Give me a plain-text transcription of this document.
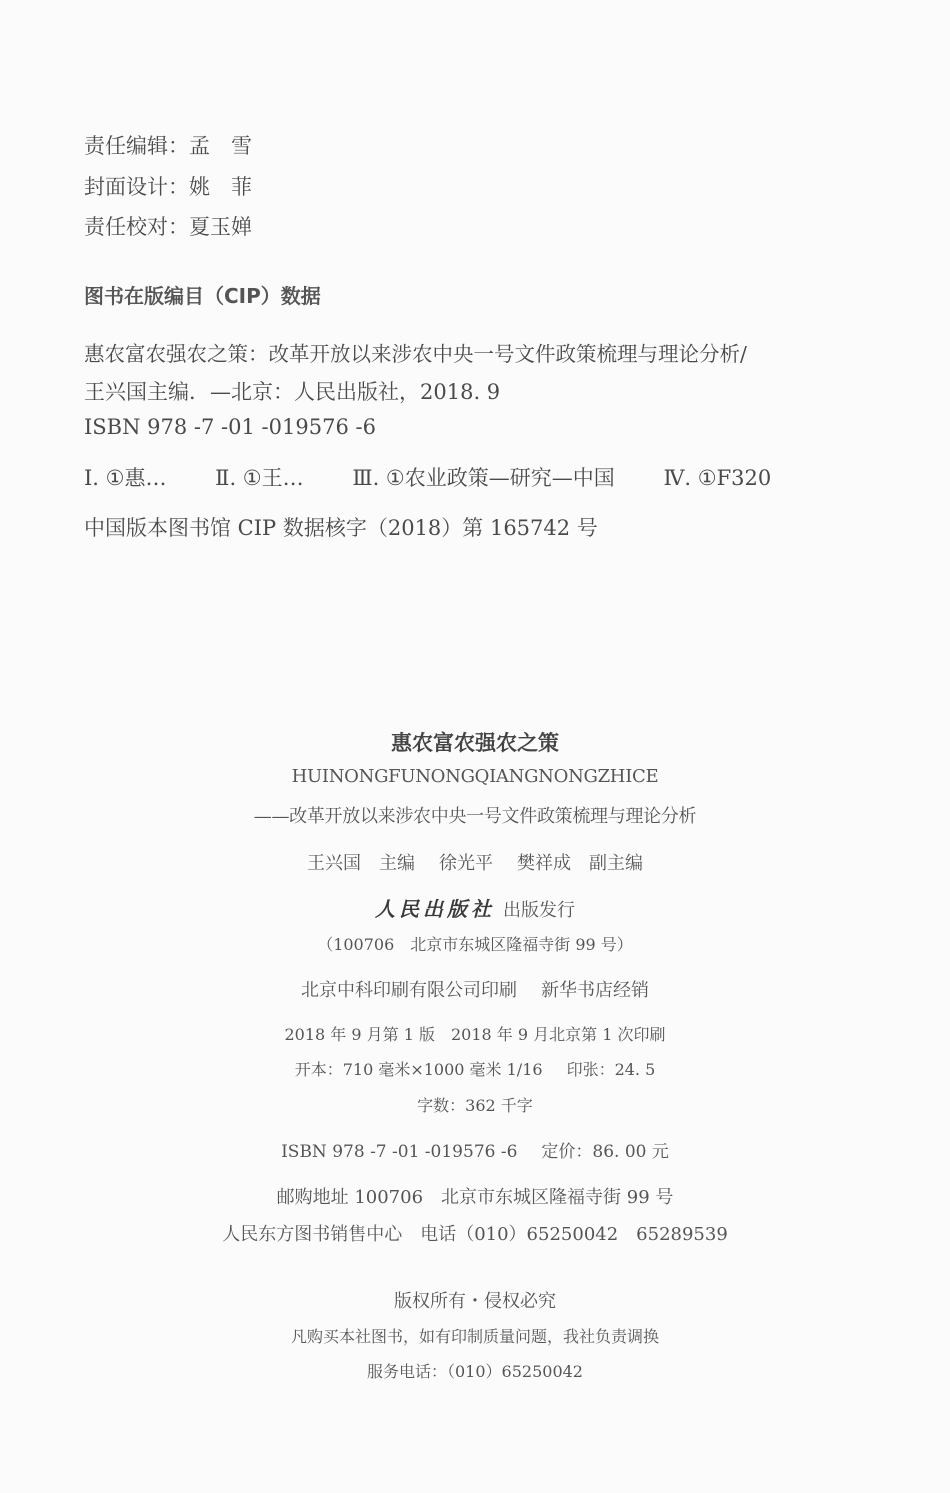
责任编辑：孟　雪
封面设计：姚　菲
责任校对：夏玉婵
图书在版编目（CIP）数据
惠农富农强农之策：改革开放以来涉农中央一号文件政策梳理与理论分析/
王兴国主编．—北京：人民出版社，2018. 9
ISBN 978 -7 -01 -019576 -6
Ⅰ. ①惠… Ⅱ. ①王… Ⅲ. ①农业政策—研究—中国 Ⅳ. ①F320
中国版本图书馆 CIP 数据核字（2018）第 165742 号
惠农富农强农之策
HUINONGFUNONGQIANGNONGZHICE
——改革开放以来涉农中央一号文件政策梳理与理论分析
王兴国　主编 徐光平 樊祥成　副主编
人民出版社 出版发行
（100706　北京市东城区隆福寺街 99 号）
北京中科印刷有限公司印刷 新华书店经销
2018 年 9 月第 1 版　2018 年 9 月北京第 1 次印刷
开本：710 毫米×1000 毫米 1/16 印张：24. 5
字数：362 千字
ISBN 978 -7 -01 -019576 -6 定价：86. 00 元
邮购地址 100706　北京市东城区隆福寺街 99 号
人民东方图书销售中心　电话（010）65250042　65289539
版权所有・侵权必究
凡购买本社图书，如有印制质量问题，我社负责调换
服务电话：（010）65250042
